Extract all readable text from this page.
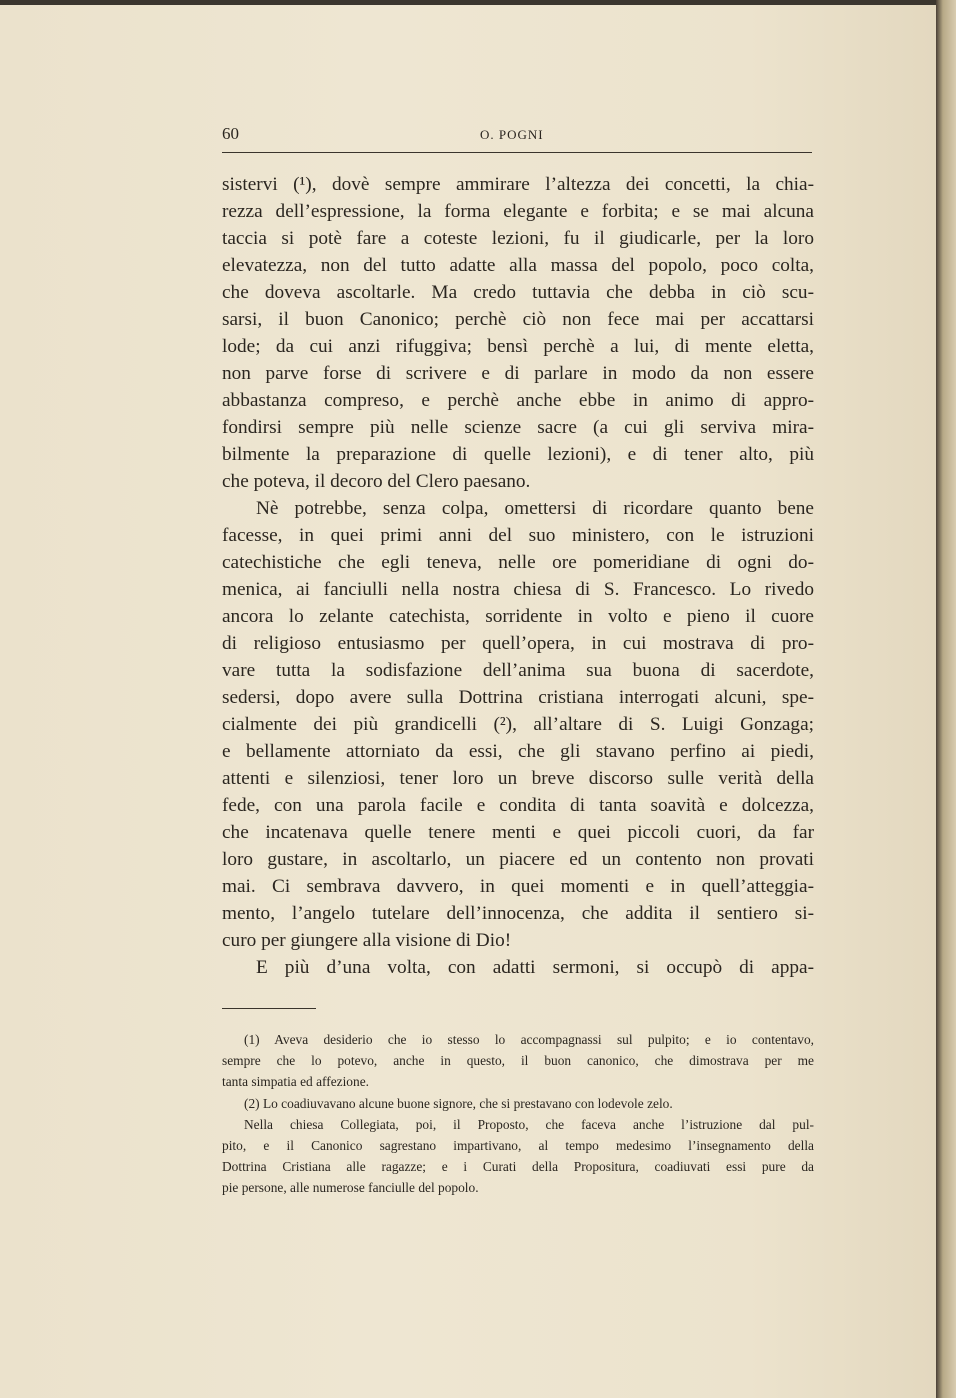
60	O. POGNI
sistervi (¹), dovè sempre ammirare l’altezza dei concetti, la chia-
rezza dell’espressione, la forma elegante e forbita; e se mai alcuna
taccia si potè fare a coteste lezioni, fu il giudicarle, per la loro
elevatezza, non del tutto adatte alla massa del popolo, poco colta,
che doveva ascoltarle. Ma credo tuttavia che debba in ciò scu-
sarsi, il buon Canonico; perchè ciò non fece mai per accattarsi
lode; da cui anzi rifuggiva; bensì perchè a lui, di mente eletta,
non parve forse di scrivere e di parlare in modo da non essere
abbastanza compreso, e perchè anche ebbe in animo di appro-
fondirsi sempre più nelle scienze sacre (a cui gli serviva mira-
bilmente la preparazione di quelle lezioni), e di tener alto, più
che poteva, il decoro del Clero paesano.
Nè potrebbe, senza colpa, omettersi di ricordare quanto bene
facesse, in quei primi anni del suo ministero, con le istruzioni
catechistiche che egli teneva, nelle ore pomeridiane di ogni do-
menica, ai fanciulli nella nostra chiesa di S. Francesco. Lo rivedo
ancora lo zelante catechista, sorridente in volto e pieno il cuore
di religioso entusiasmo per quell’opera, in cui mostrava di pro-
vare tutta la sodisfazione dell’anima sua buona di sacerdote,
sedersi, dopo avere sulla Dottrina cristiana interrogati alcuni, spe-
cialmente dei più grandicelli (²), all’altare di S. Luigi Gonzaga;
e bellamente attorniato da essi, che gli stavano perfino ai piedi,
attenti e silenziosi, tener loro un breve discorso sulle verità della
fede, con una parola facile e condita di tanta soavità e dolcezza,
che incatenava quelle tenere menti e quei piccoli cuori, da far
loro gustare, in ascoltarlo, un piacere ed un contento non provati
mai. Ci sembrava davvero, in quei momenti e in quell’atteggia-
mento, l’angelo tutelare dell’innocenza, che addita il sentiero si-
curo per giungere alla visione di Dio!
E più d’una volta, con adatti sermoni, si occupò di appa-
(1) Aveva desiderio che io stesso lo accompagnassi sul pulpito; e io contentavo,
sempre che lo potevo, anche in questo, il buon canonico, che dimostrava per me
tanta simpatia ed affezione.
(2) Lo coadiuvavano alcune buone signore, che si prestavano con lodevole zelo.
Nella chiesa Collegiata, poi, il Proposto, che faceva anche l’istruzione dal pul-
pito, e il Canonico sagrestano impartivano, al tempo medesimo l’insegnamento della
Dottrina Cristiana alle ragazze; e i Curati della Propositura, coadiuvati essi pure da
pie persone, alle numerose fanciulle del popolo.
